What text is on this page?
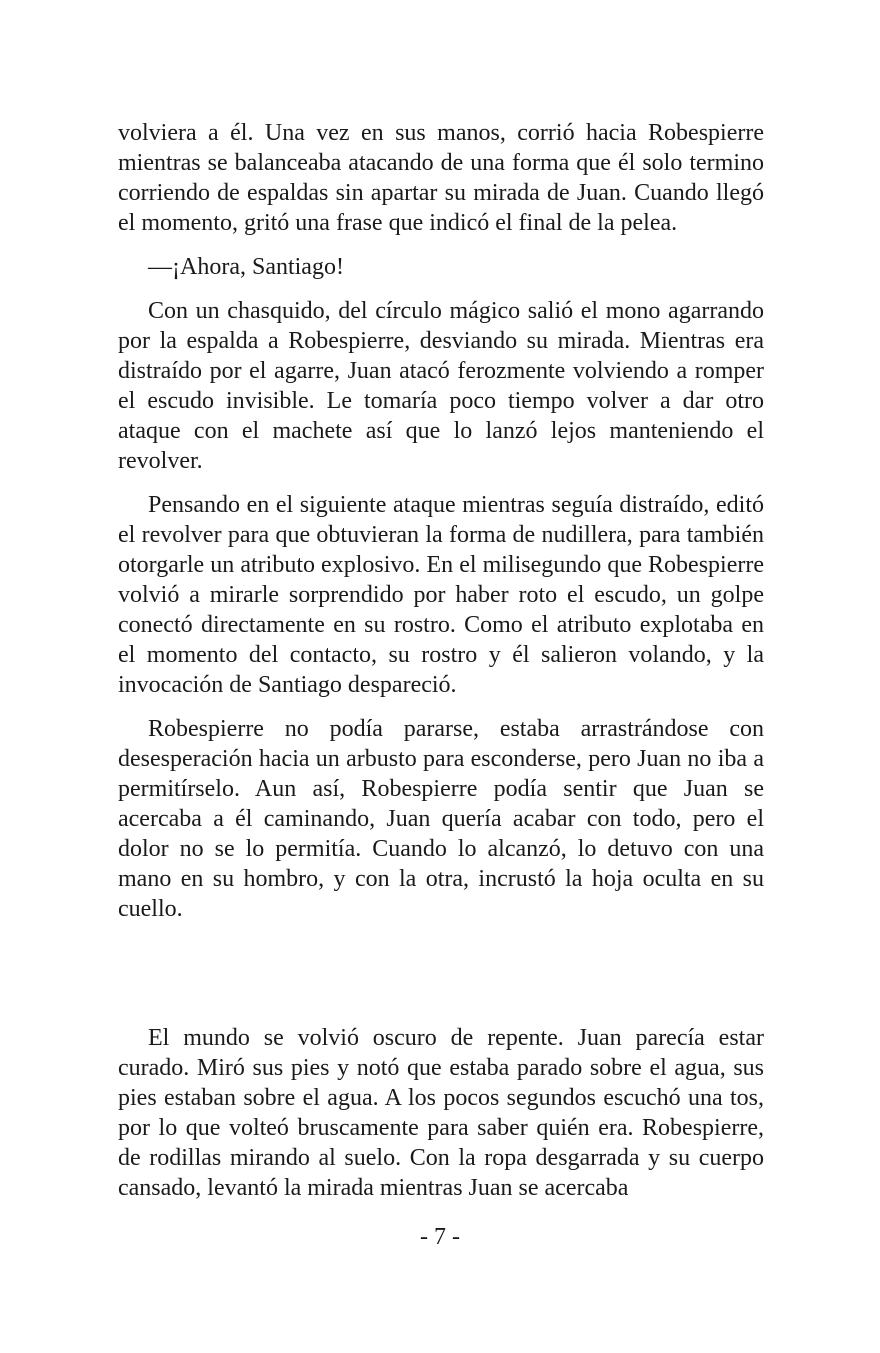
volviera a él. Una vez en sus manos, corrió hacia Robespierre mientras se balanceaba atacando de una forma que él solo termino corriendo de espaldas sin apartar su mirada de Juan. Cuando llegó el momento, gritó una frase que indicó el final de la pelea.

—¡Ahora, Santiago!

Con un chasquido, del círculo mágico salió el mono agarrando por la espalda a Robespierre, desviando su mirada. Mientras era distraído por el agarre, Juan atacó ferozmente volviendo a romper el escudo invisible. Le tomaría poco tiempo volver a dar otro ataque con el machete así que lo lanzó lejos manteniendo el revolver.

Pensando en el siguiente ataque mientras seguía distraído, editó el revolver para que obtuvieran la forma de nudillera, para también otorgarle un atributo explosivo. En el milisegundo que Robespierre volvió a mirarle sorprendido por haber roto el escudo, un golpe conectó directamente en su rostro. Como el atributo explotaba en el momento del contacto, su rostro y él salieron volando, y la invocación de Santiago despareció.

Robespierre no podía pararse, estaba arrastrándose con desesperación hacia un arbusto para esconderse, pero Juan no iba a permitírselo. Aun así, Robespierre podía sentir que Juan se acercaba a él caminando, Juan quería acabar con todo, pero el dolor no se lo permitía. Cuando lo alcanzó, lo detuvo con una mano en su hombro, y con la otra, incrustó la hoja oculta en su cuello.

El mundo se volvió oscuro de repente. Juan parecía estar curado. Miró sus pies y notó que estaba parado sobre el agua, sus pies estaban sobre el agua. A los pocos segundos escuchó una tos, por lo que volteó bruscamente para saber quién era. Robespierre, de rodillas mirando al suelo. Con la ropa desgarrada y su cuerpo cansado, levantó la mirada mientras Juan se acercaba

- 7 -
